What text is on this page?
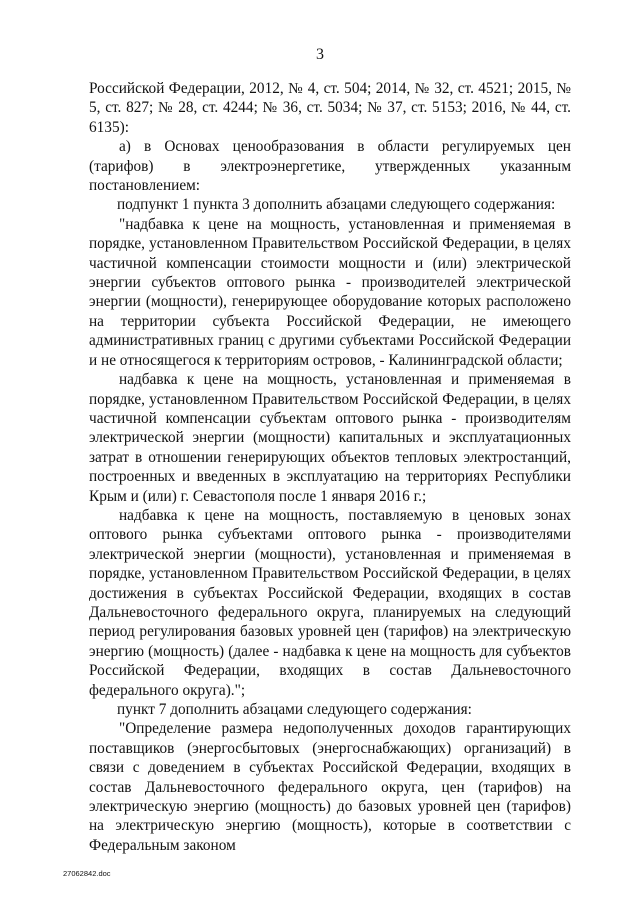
3

Российской Федерации, 2012, № 4, ст. 504; 2014, № 32, ст. 4521; 2015, № 5, ст. 827; № 28, ст. 4244; № 36, ст. 5034; № 37, ст. 5153; 2016, № 44, ст. 6135):

а) в Основах ценообразования в области регулируемых цен (тарифов) в электроэнергетике, утвержденных указанным постановлением:

подпункт 1 пункта 3 дополнить абзацами следующего содержания:

"надбавка к цене на мощность, установленная и применяемая в порядке, установленном Правительством Российской Федерации, в целях частичной компенсации стоимости мощности и (или) электрической энергии субъектов оптового рынка - производителей электрической энергии (мощности), генерирующее оборудование которых расположено на территории субъекта Российской Федерации, не имеющего административных границ с другими субъектами Российской Федерации и не относящегося к территориям островов, - Калининградской области;

надбавка к цене на мощность, установленная и применяемая в порядке, установленном Правительством Российской Федерации, в целях частичной компенсации субъектам оптового рынка - производителям электрической энергии (мощности) капитальных и эксплуатационных затрат в отношении генерирующих объектов тепловых электростанций, построенных и введенных в эксплуатацию на территориях Республики Крым и (или) г. Севастополя после 1 января 2016 г.;

надбавка к цене на мощность, поставляемую в ценовых зонах оптового рынка субъектами оптового рынка - производителями электрической энергии (мощности), установленная и применяемая в порядке, установленном Правительством Российской Федерации, в целях достижения в субъектах Российской Федерации, входящих в состав Дальневосточного федерального округа, планируемых на следующий период регулирования базовых уровней цен (тарифов) на электрическую энергию (мощность) (далее - надбавка к цене на мощность для субъектов Российской Федерации, входящих в состав Дальневосточного федерального округа).";

пункт 7 дополнить абзацами следующего содержания:

"Определение размера недополученных доходов гарантирующих поставщиков (энергосбытовых (энергоснабжающих) организаций) в связи с доведением в субъектах Российской Федерации, входящих в состав Дальневосточного федерального округа, цен (тарифов) на электрическую энергию (мощность) до базовых уровней цен (тарифов) на электрическую энергию (мощность), которые в соответствии с Федеральным законом

27062842.doc
